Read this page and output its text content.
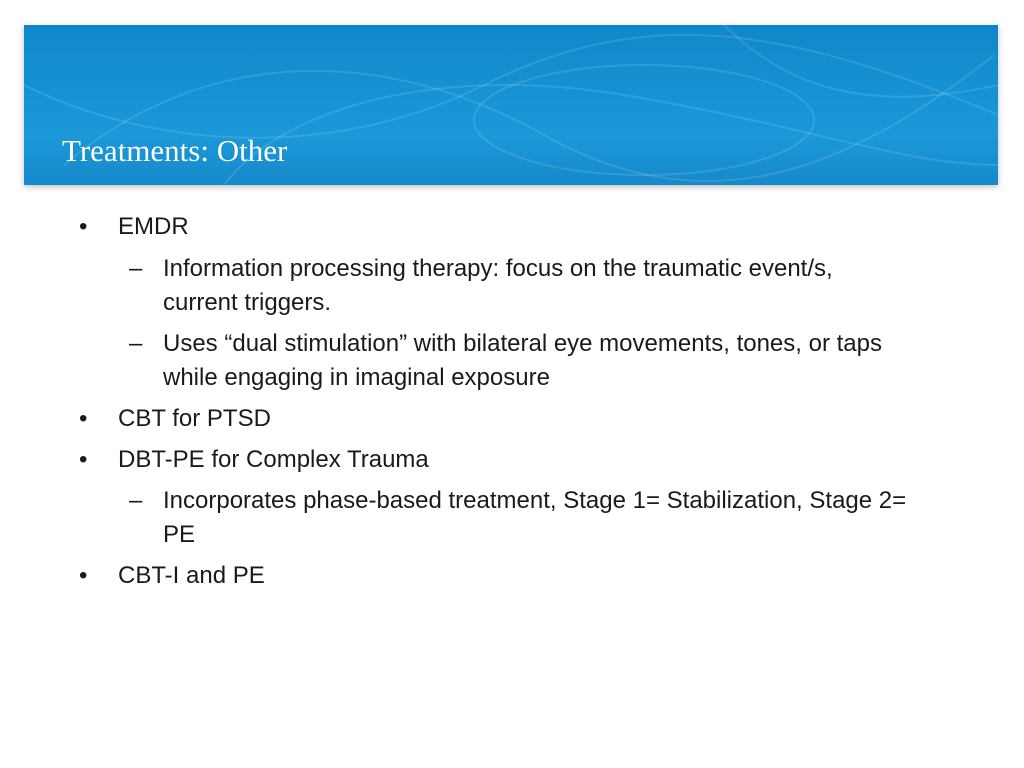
Treatments: Other
• EMDR
– Information processing therapy: focus on the traumatic event/s,
current triggers.
– Uses “dual stimulation” with bilateral eye movements, tones, or taps
while engaging in imaginal exposure
• CBT for PTSD
• DBT-PE for Complex Trauma
– Incorporates phase-based treatment, Stage 1= Stabilization, Stage 2=
PE
• CBT-I and PE
